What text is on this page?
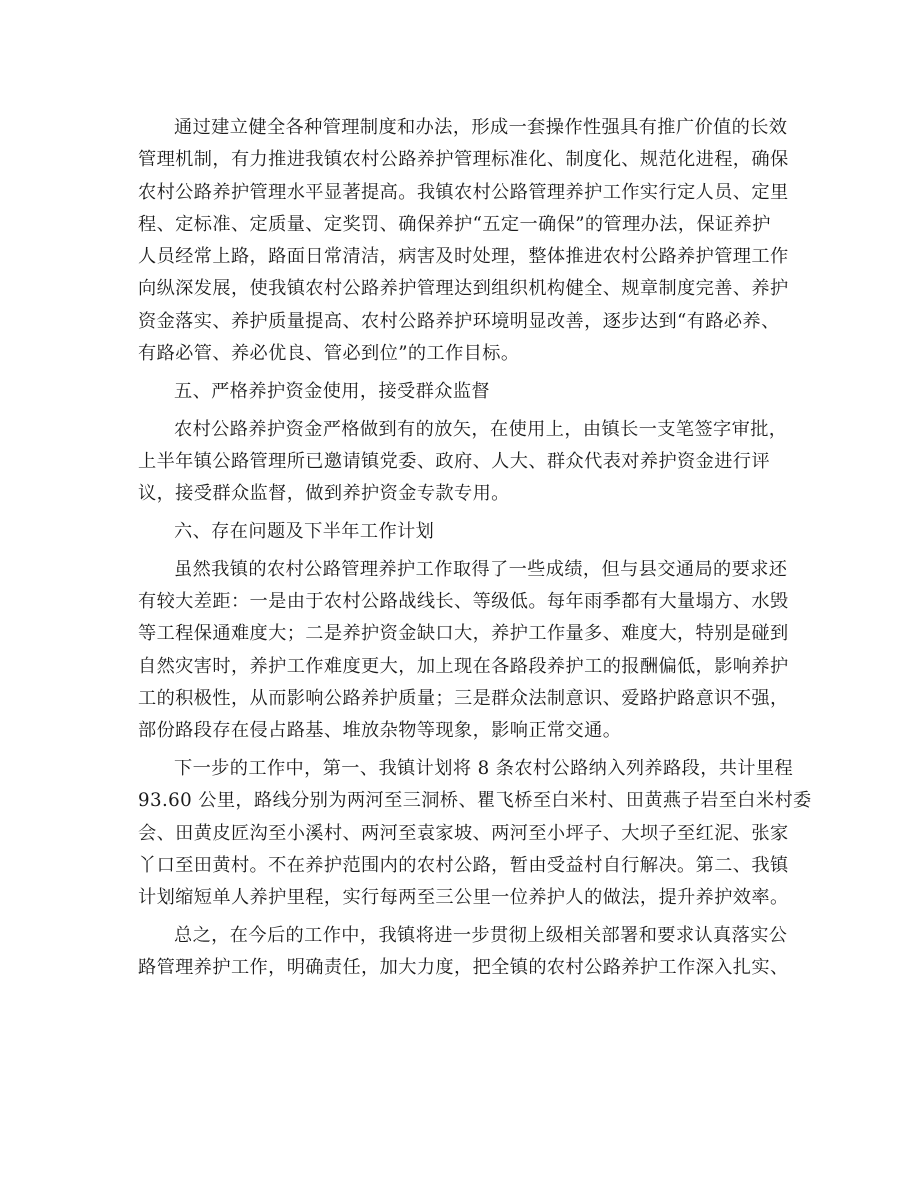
通过建立健全各种管理制度和办法，形成一套操作性强具有推广价值的长效
管理机制，有力推进我镇农村公路养护管理标准化、制度化、规范化进程，确保
农村公路养护管理水平显著提高。我镇农村公路管理养护工作实行定人员、定里
程、定标准、定质量、定奖罚、确保养护“五定一确保”的管理办法，保证养护
人员经常上路，路面日常清洁，病害及时处理，整体推进农村公路养护管理工作
向纵深发展，使我镇农村公路养护管理达到组织机构健全、规章制度完善、养护
资金落实、养护质量提高、农村公路养护环境明显改善，逐步达到“有路必养、
有路必管、养必优良、管必到位”的工作目标。
五、严格养护资金使用，接受群众监督
农村公路养护资金严格做到有的放矢，在使用上，由镇长一支笔签字审批，
上半年镇公路管理所已邀请镇党委、政府、人大、群众代表对养护资金进行评
议，接受群众监督，做到养护资金专款专用。
六、存在问题及下半年工作计划
虽然我镇的农村公路管理养护工作取得了一些成绩，但与县交通局的要求还
有较大差距：一是由于农村公路战线长、等级低。每年雨季都有大量塌方、水毁
等工程保通难度大；二是养护资金缺口大，养护工作量多、难度大，特别是碰到
自然灾害时，养护工作难度更大，加上现在各路段养护工的报酬偏低，影响养护
工的积极性，从而影响公路养护质量；三是群众法制意识、爱路护路意识不强，
部份路段存在侵占路基、堆放杂物等现象，影响正常交通。
下一步的工作中，第一、我镇计划将 8 条农村公路纳入列养路段，共计里程
93.60 公里，路线分别为两河至三洞桥、瞿飞桥至白米村、田黄燕子岩至白米村委
会、田黄皮匠沟至小溪村、两河至袁家坡、两河至小坪子、大坝子至红泥、张家
丫口至田黄村。不在养护范围内的农村公路，暂由受益村自行解决。第二、我镇
计划缩短单人养护里程，实行每两至三公里一位养护人的做法，提升养护效率。
总之，在今后的工作中，我镇将进一步贯彻上级相关部署和要求认真落实公
路管理养护工作，明确责任，加大力度，把全镇的农村公路养护工作深入扎实、
